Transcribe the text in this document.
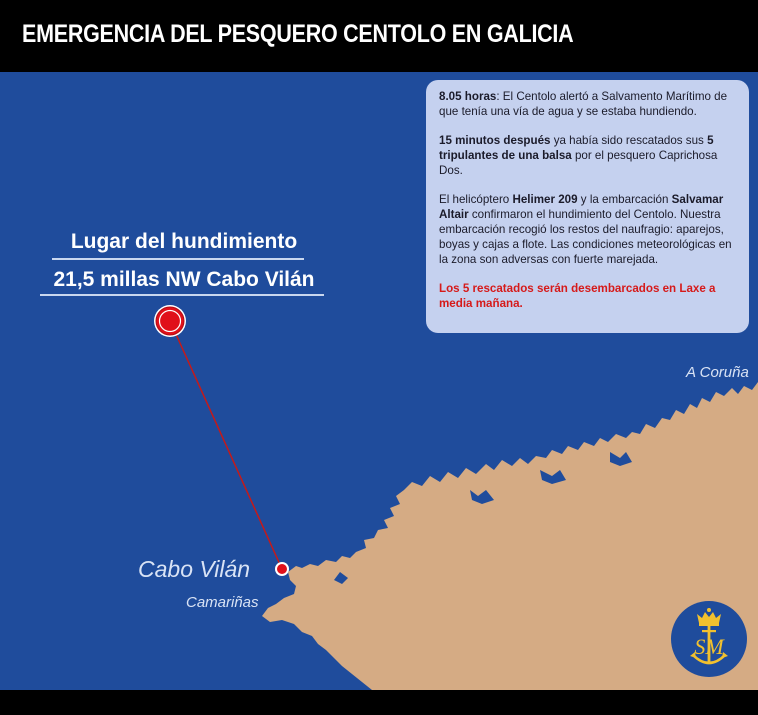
EMERGENCIA DEL PESQUERO CENTOLO EN GALICIA
Lugar del hundimiento
21,5 millas NW Cabo Vilán
Cabo Vilán
Camariñas
A Coruña

8.05 horas: El Centolo alertó a Salvamento Marítimo de que tenía una vía de agua y se estaba hundiendo.

15 minutos después ya había sido rescatados sus 5 tripulantes de una balsa por el pesquero Caprichosa Dos.

El helicóptero Helimer 209 y la embarcación Salvamar Altair confirmaron el hundimiento del Centolo. Nuestra embarcación recogió los restos del naufragio: aparejos, boyas y cajas a flote. Las condiciones meteorológicas en la zona son adversas con fuerte marejada.

Los 5 rescatados serán desembarcados en Laxe a media mañana.

SM
